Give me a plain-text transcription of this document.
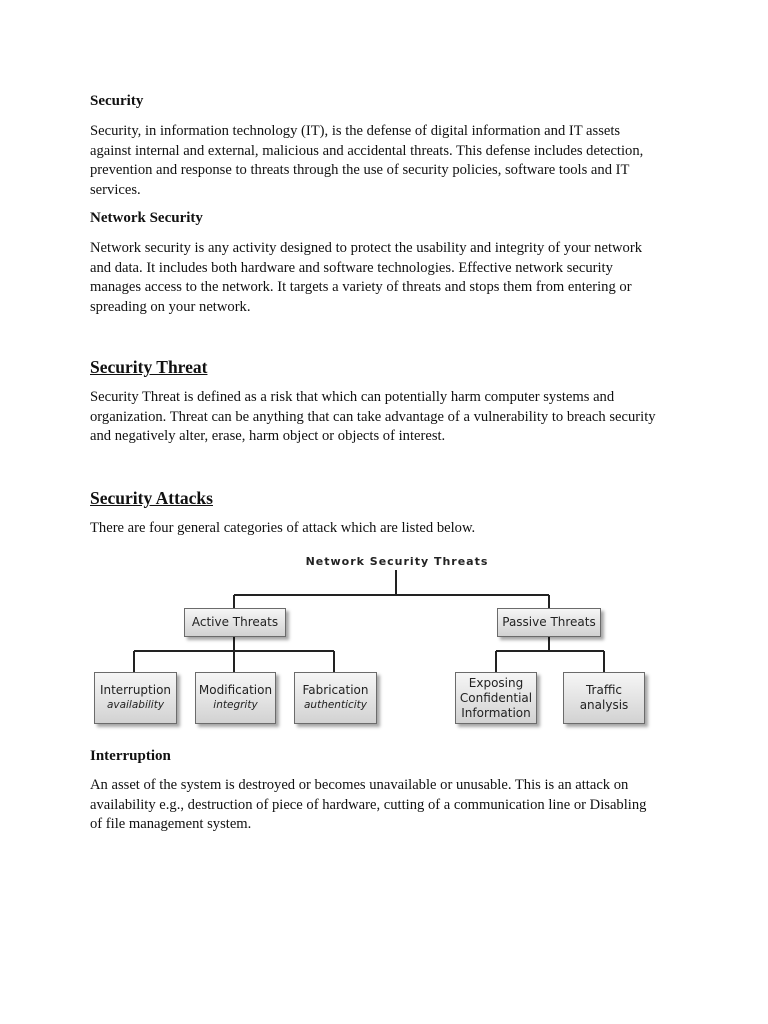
Security

Security, in information technology (IT), is the defense of digital information and IT assets
against internal and external, malicious and accidental threats. This defense includes detection,
prevention and response to threats through the use of security policies, software tools and IT
services.

Network Security

Network security is any activity designed to protect the usability and integrity of your network
and data. It includes both hardware and software technologies. Effective network security
manages access to the network. It targets a variety of threats and stops them from entering or
spreading on your network.

Security Threat

Security Threat is defined as a risk that which can potentially harm computer systems and
organization. Threat can be anything that can take advantage of a vulnerability to breach security
and negatively alter, erase, harm object or objects of interest.

Security Attacks

There are four general categories of attack which are listed below.

Interruption

An asset of the system is destroyed or becomes unavailable or unusable. This is an attack on
availability e.g., destruction of piece of hardware, cutting of a communication line or Disabling
of file management system.

Network Security Threats
Active Threats	Passive Threats
Interruption
availability
Modification
integrity
Fabrication
authenticity
Exposing
Confidential
Information
Traffic
analysis
